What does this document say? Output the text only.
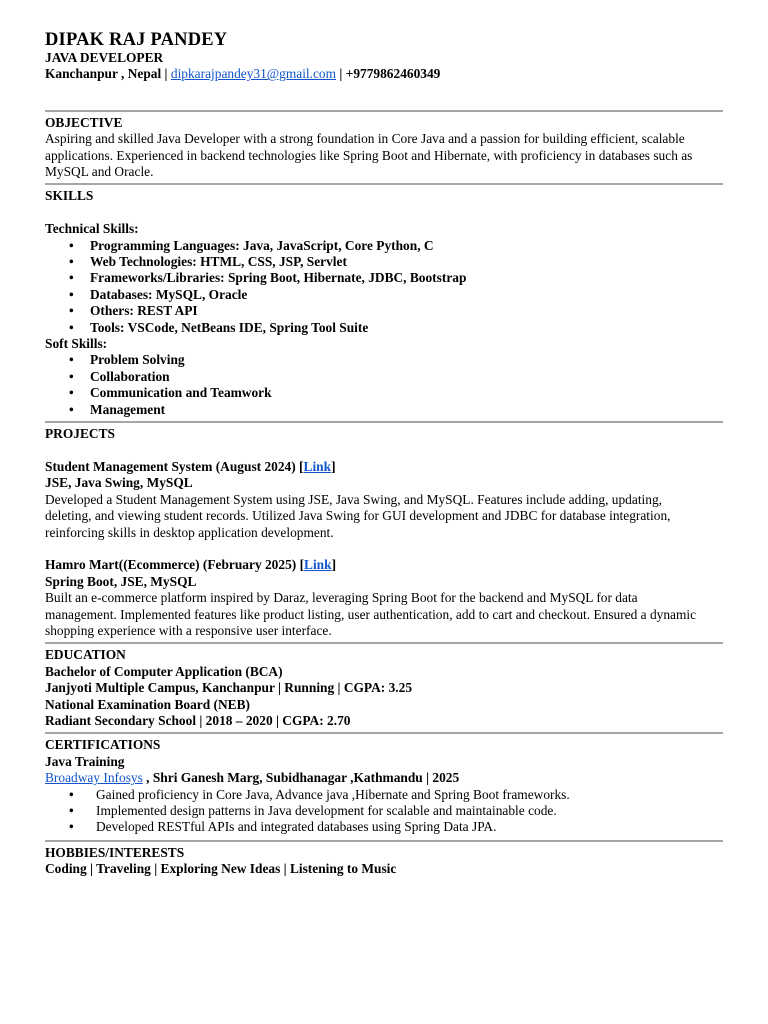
DIPAK RAJ PANDEY
JAVA DEVELOPER
Kanchanpur , Nepal | dipkarajpandey31@gmail.com | +9779862460349
OBJECTIVE

Aspiring and skilled Java Developer with a strong foundation in Core Java and a passion for building efficient, scalable

applications. Experienced in backend technologies like Spring Boot and Hibernate, with proficiency in databases such as

MySQL and Oracle.

SKILLS
Technical Skills:
• Programming Languages: Java, JavaScript, Core Python, C
• Web Technologies: HTML, CSS, JSP, Servlet
• Frameworks/Libraries: Spring Boot, Hibernate, JDBC, Bootstrap
• Databases: MySQL, Oracle
• Others: REST API
• Tools: VSCode, NetBeans IDE, Spring Tool Suite
Soft Skills:
• Problem Solving
• Collaboration
• Communication and Teamwork
• Management
PROJECTS
Student Management System (August 2024) [Link]
JSE, Java Swing, MySQL

Developed a Student Management System using JSE, Java Swing, and MySQL. Features include adding, updating,

deleting, and viewing student records. Utilized Java Swing for GUI development and JDBC for database integration,

reinforcing skills in desktop application development.

Hamro Mart((Ecommerce) (February 2025) [Link]
Spring Boot, JSE, MySQL

Built an e-commerce platform inspired by Daraz, leveraging Spring Boot for the backend and MySQL for data

management. Implemented features like product listing, user authentication, add to cart and checkout. Ensured a dynamic

shopping experience with a responsive user interface.

EDUCATION
Bachelor of Computer Application (BCA)
Janjyoti Multiple Campus, Kanchanpur | Running | CGPA: 3.25
National Examination Board (NEB)
Radiant Secondary School | 2018 – 2020 | CGPA: 2.70
CERTIFICATIONS
Java Training
Broadway Infosys , Shri Ganesh Marg, Subidhanagar ,Kathmandu | 2025
• Gained proficiency in Core Java, Advance java ,Hibernate and Spring Boot frameworks.
• Implemented design patterns in Java development for scalable and maintainable code.
• Developed RESTful APIs and integrated databases using Spring Data JPA.
HOBBIES/INTERESTS
Coding | Traveling | Exploring New Ideas | Listening to Music
